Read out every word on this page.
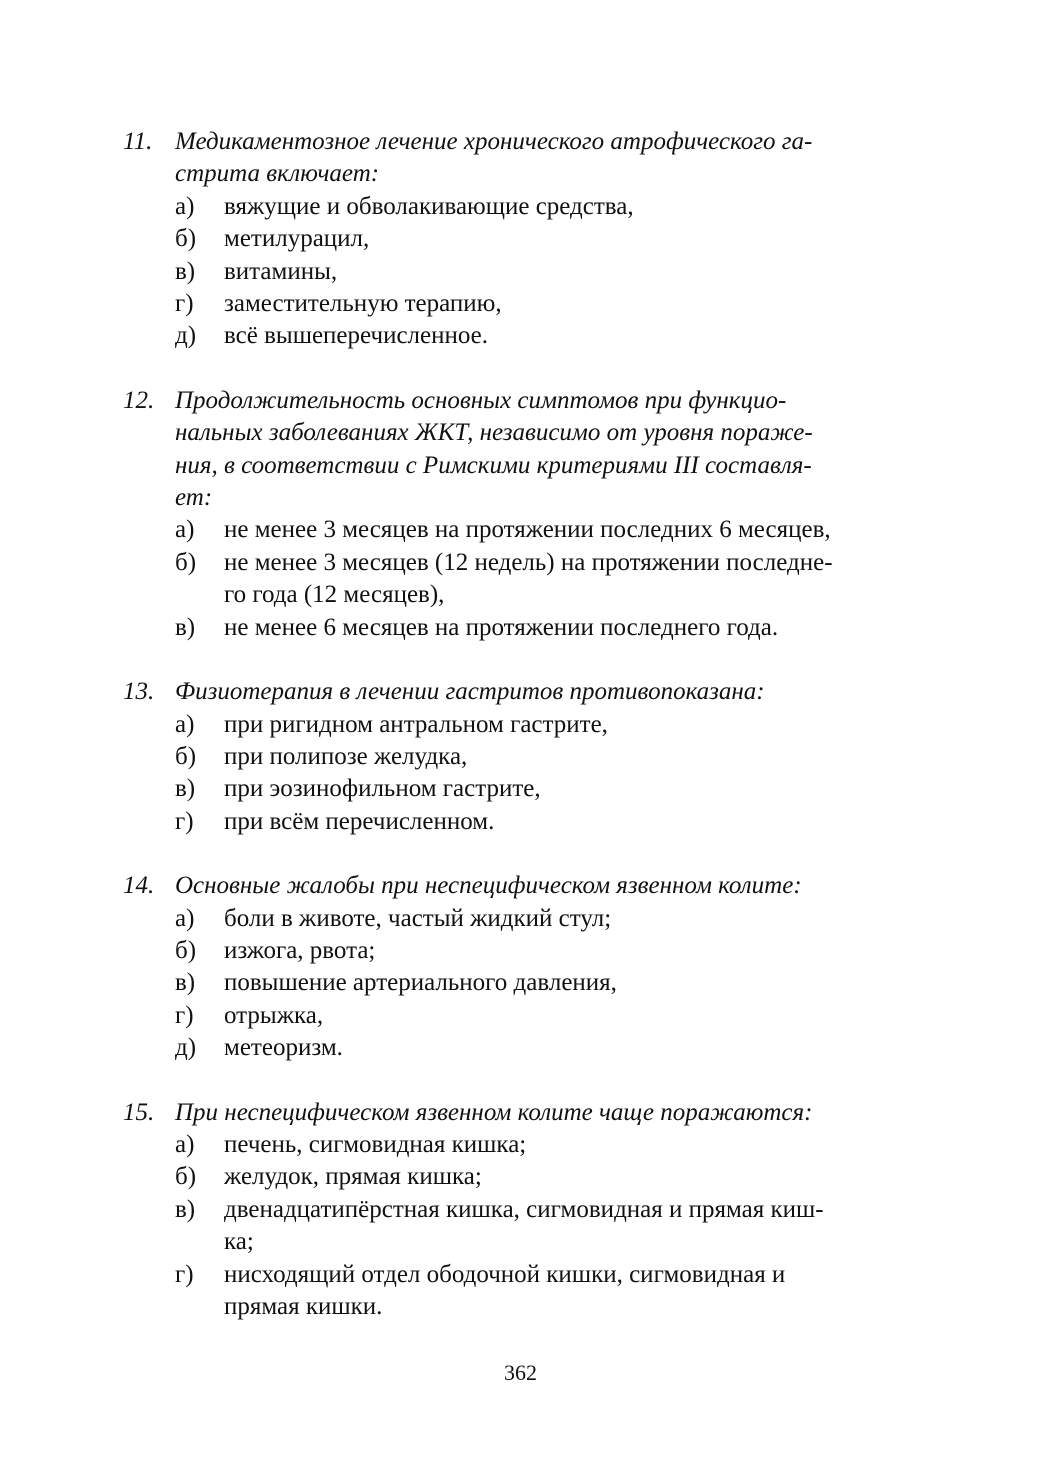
11. Медикаментозное лечение хронического атрофического га-
стрита включает:
а)	вяжущие и обволакивающие средства,
б)	метилурацил,
в)	витамины,
г)	заместительную терапию,
д)	всё вышеперечисленное.
12. Продолжительность основных симптомов при функцио-
нальных заболеваниях ЖКТ, независимо от уровня пораже-
ния, в соответствии с Римскими критериями III составля-
ет:
а)	не менее 3 месяцев на протяжении последних 6 месяцев,
б)	не менее 3 месяцев (12 недель) на протяжении последне-
го года (12 месяцев),
в)	не менее 6 месяцев на протяжении последнего года.
13. Физиотерапия в лечении гастритов противопоказана:
а)	при ригидном антральном гастрите,
б)	при полипозе желудка,
в)	при эозинофильном гастрите,
г)	при всём перечисленном.
14. Основные жалобы при неспецифическом язвенном колите:
а)	боли в животе, частый жидкий стул;
б)	изжога, рвота;
в)	повышение артериального давления,
г)	отрыжка,
д)	метеоризм.
15. При неспецифическом язвенном колите чаще поражаются:
а)	печень, сигмовидная кишка;
б)	желудок, прямая кишка;
в)	двенадцатипёрстная кишка, сигмовидная и прямая киш-
ка;
г)	нисходящий отдел ободочной кишки, сигмовидная и
прямая кишки.
362
